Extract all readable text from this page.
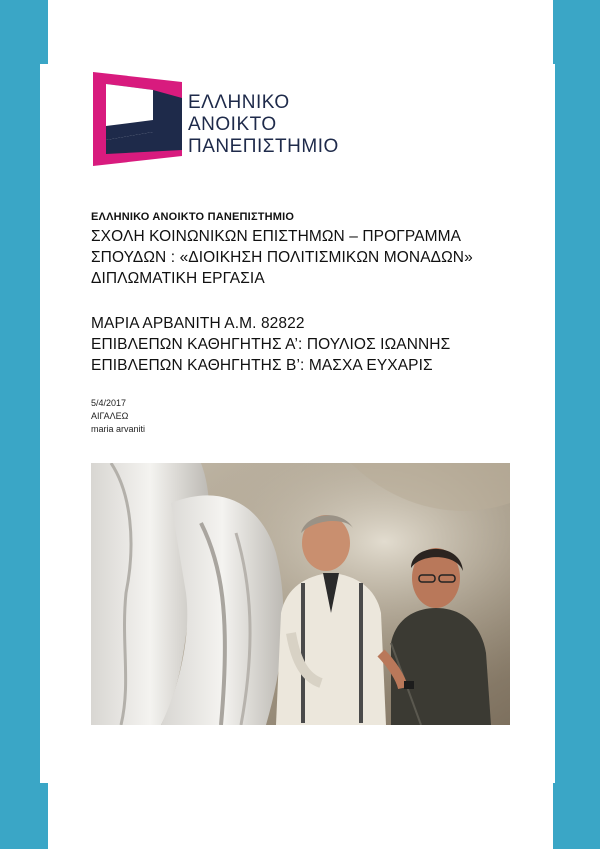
ΕΛΛΗΝΙΚΟ
ΑΝΟΙΚΤΟ
ΠΑΝΕΠΙΣΤΗΜΙΟ
ΕΛΛΗΝΙΚΟ ΑΝΟΙΚΤΟ ΠΑΝΕΠΙΣΤΗΜΙΟ
ΣΧΟΛΗ ΚΟΙΝΩΝΙΚΩΝ ΕΠΙΣΤΗΜΩΝ – ΠΡΟΓΡΑΜΜΑ
ΣΠΟΥΔΩΝ : «ΔΙΟΙΚΗΣΗ ΠΟΛΙΤΙΣΜΙΚΩΝ ΜΟΝΑΔΩΝ»
ΔΙΠΛΩΜΑΤΙΚΗ ΕΡΓΑΣΙΑ
ΜΑΡΙΑ ΑΡΒΑΝΙΤΗ Α.Μ. 82822
ΕΠΙΒΛΕΠΩΝ ΚΑΘΗΓΗΤΗΣ Α’: ΠΟΥΛΙΟΣ ΙΩΑΝΝΗΣ
ΕΠΙΒΛΕΠΩΝ ΚΑΘΗΓΗΤΗΣ Β’: ΜΑΣΧΑ ΕΥΧΑΡΙΣ
5/4/2017
ΑΙΓΑΛΕΩ
maria arvaniti
